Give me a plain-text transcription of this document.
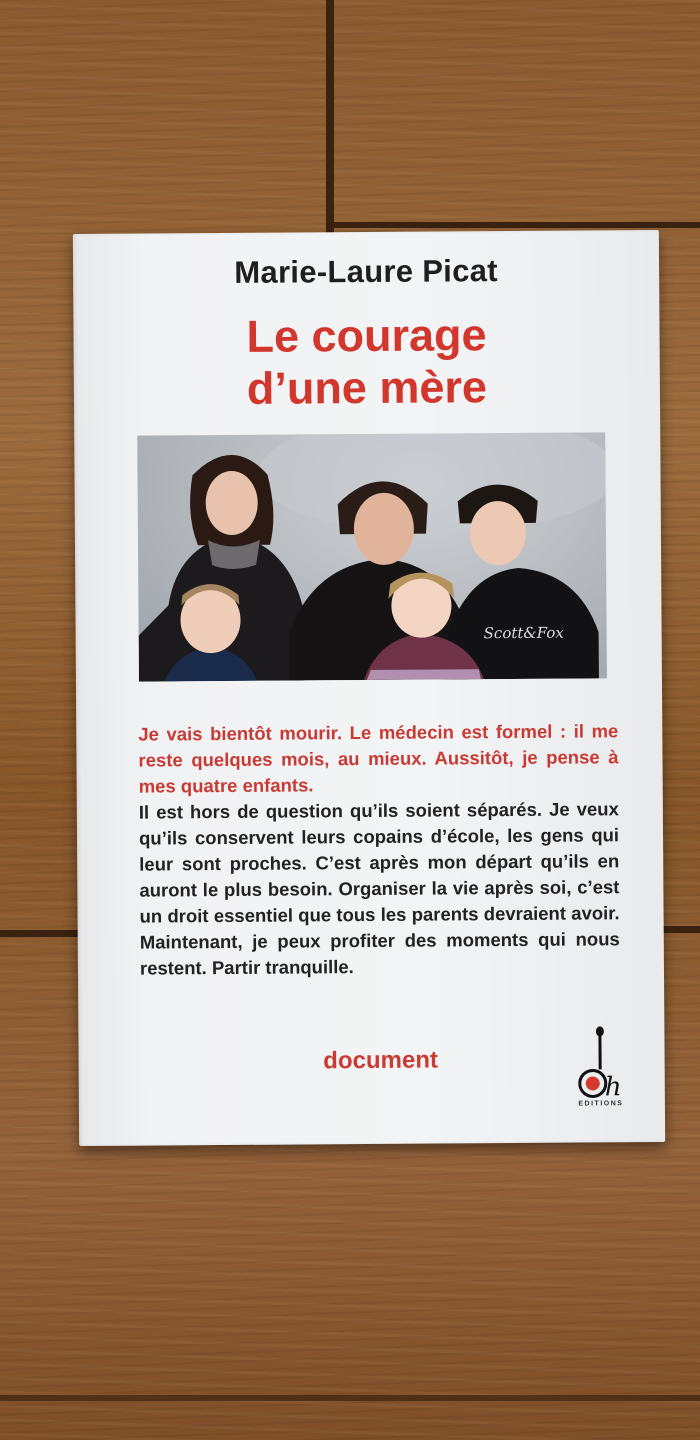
Marie-Laure Picat
Le courage
d’une mère
Scott&Fox

Je vais bientôt mourir. Le médecin est formel : il me reste quelques mois, au mieux. Aussitôt, je pense à mes quatre enfants.

Il est hors de question qu’ils soient séparés. Je veux qu’ils conservent leurs copains d’école, les gens qui leur sont proches. C’est après mon départ qu’ils en auront le plus besoin. Organiser la vie après soi, c’est un droit essentiel que tous les parents devraient avoir. Maintenant, je peux profiter des moments qui nous restent. Partir tranquille.

document
h
EDITIONS
